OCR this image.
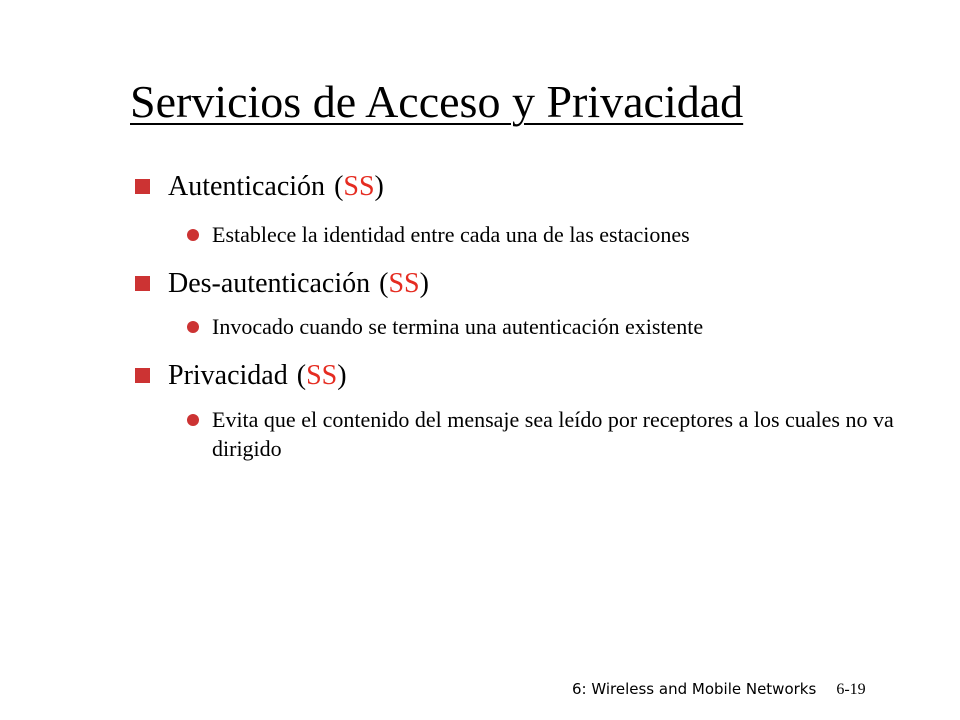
Servicios de Acceso y Privacidad
Autenticación (SS)
Establece la identidad entre cada una de las estaciones
Des-autenticación (SS)
Invocado cuando se termina una autenticación existente
Privacidad (SS)
Evita que el contenido del mensaje sea leído por receptores a los cuales no va dirigido
6: Wireless and Mobile Networks 6-19
